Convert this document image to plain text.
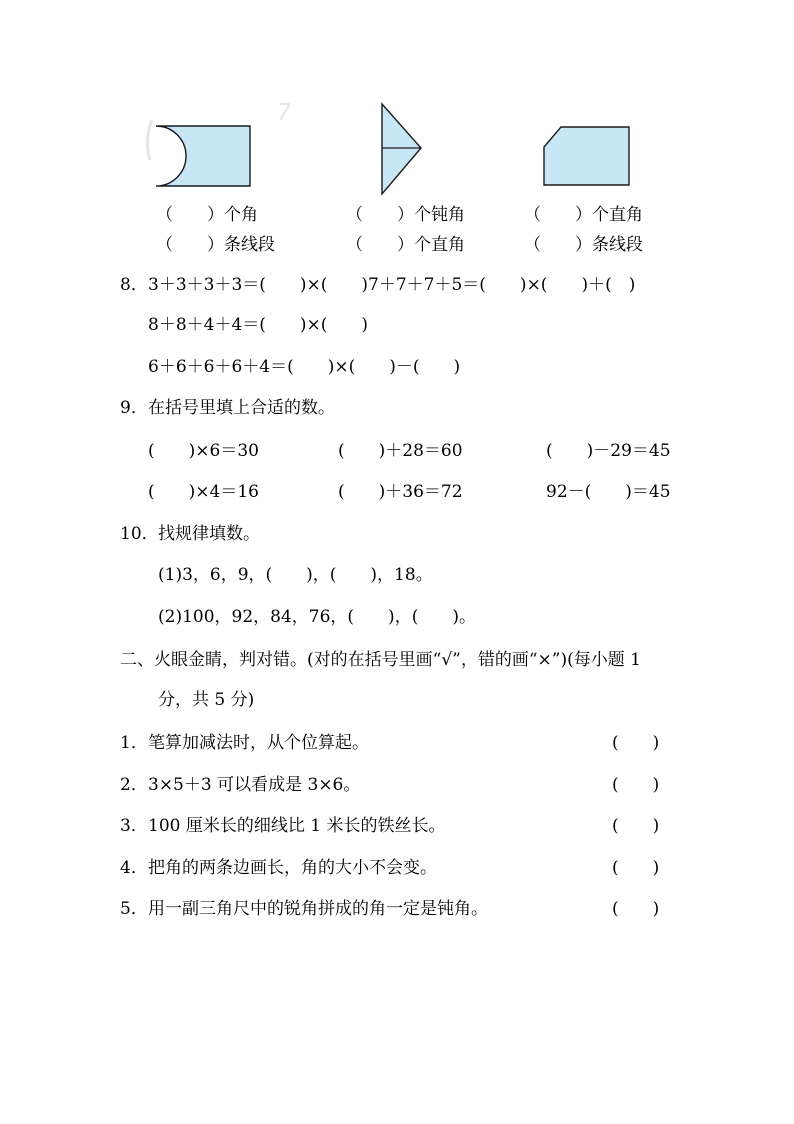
（　　）个角	（　　）个钝角	（　　）个直角
（　　）条线段	（　　）个直角	（　　）条线段
8． 3＋3＋3＋3＝(　　)×(　　)7＋7＋7＋5＝(　　)×(　　)＋(　)
8＋8＋4＋4＝(　　)×(　　)
6＋6＋6＋6＋4＝(　　)×(　　)－(　　)
9． 在括号里填上合适的数。
(　　)×6＝30	(　　)＋28＝60	(　　)－29＝45
(　　)×4＝16	(　　)＋36＝72	92－(　　)＝45
10． 找规律填数。
(1)3，6，9，(　　)，(　　)，18。
(2)100，92，84，76，(　　)，(　　)。
二、火眼金睛，判对错。(对的在括号里画“√”，错的画“×”)(每小题 1
分，共 5 分)
1． 笔算加减法时，从个位算起。	(　　)
2． 3×5＋3 可以看成是 3×6。	(　　)
3． 100 厘米长的细线比 1 米长的铁丝长。	(　　)
4． 把角的两条边画长，角的大小不会变。	(　　)
5． 用一副三角尺中的锐角拼成的角一定是钝角。	(　　)
